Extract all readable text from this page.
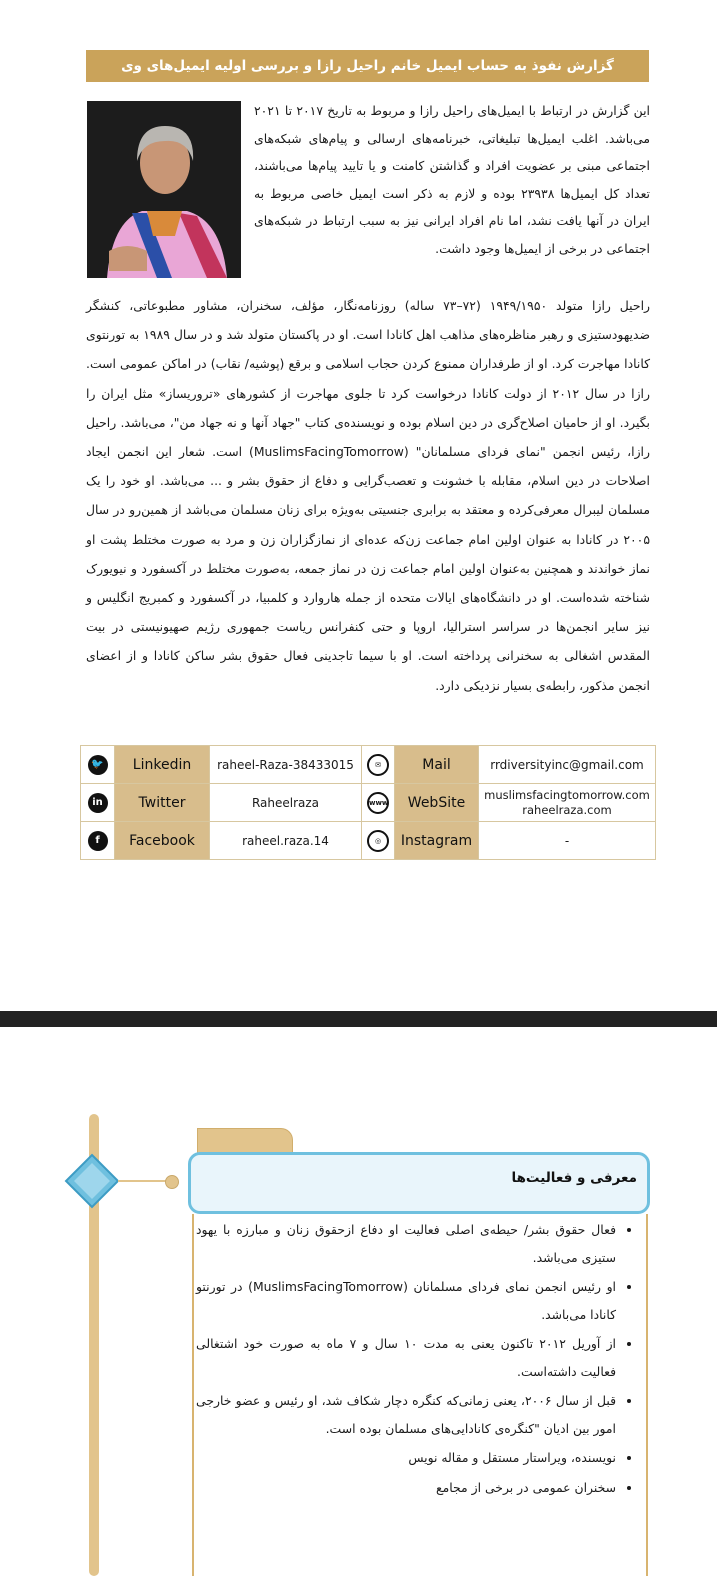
گزارش نفوذ به حساب ایمیل خانم راحیل رازا و بررسی اولیه ایمیل‌های وی

این گزارش در ارتباط با ایمیل‌های راحیل رازا و مربوط به تاریخ ۲۰۱۷ تا ۲۰۲۱ می‌باشد. اغلب ایمیل‌ها تبلیغاتی، خبرنامه‌های ارسالی و پیام‌های شبکه‌های اجتماعی مبنی بر عضویت افراد و گذاشتن کامنت و یا تایید پیام‌ها می‌باشند، تعداد کل ایمیل‌ها ۲۳۹۳۸ بوده و لازم به ذکر است ایمیل خاصی مربوط به ایران در آنها یافت نشد، اما نام افراد ایرانی نیز به سبب ارتباط در شبکه‌های اجتماعی در برخی از ایمیل‌ها وجود داشت.

راحیل رازا متولد ۱۹۴۹/۱۹۵۰ (۷۲–۷۳ ساله) روزنامه‌نگار، مؤلف، سخنران، مشاور مطبوعاتی، کنشگر ضدیهودستیزی و رهبر مناظره‌های مذاهب اهل کانادا است. او در پاکستان متولد شد و در سال ۱۹۸۹ به تورنتوی کانادا مهاجرت کرد. او از طرفداران ممنوع کردن حجاب اسلامی و برقع (پوشیه/ نقاب) در اماکن عمومی است. رازا در سال ۲۰۱۲ از دولت کانادا درخواست کرد تا جلوی مهاجرت از کشورهای «تروریساز» مثل ایران را بگیرد. او از حامیان اصلاح‌گری در دین اسلام بوده و نویسنده‌ی کتاب "جهاد آنها و نه جهاد من"، می‌باشد. راحیل رازا، رئیس انجمن "نمای فردای مسلمانان" (MuslimsFacingTomorrow) است. شعار این انجمن ایجاد اصلاحات در دین اسلام، مقابله با خشونت و تعصب‌گرایی و دفاع از حقوق بشر و ... می‌باشد. او خود را یک مسلمان لیبرال معرفی‌کرده و معتقد به برابری جنسیتی به‌ویژه برای زنان مسلمان می‌باشد از همین‌رو در سال ۲۰۰۵ در کانادا به عنوان اولین امام جماعت زن‌که عده‌ای از نمازگزاران زن و مرد به صورت مختلط پشت او نماز خواندند و همچنین به‌عنوان اولین امام جماعت زن در نماز جمعه، به‌صورت مختلط در آکسفورد و نیویورک شناخته شده‌است. او در دانشگاه‌های ایالات متحده از جمله هاروارد و کلمبیا، در آکسفورد و کمبریج انگلیس و نیز سایر انجمن‌ها در سراسر استرالیا، اروپا و حتی کنفرانس ریاست جمهوری رژیم صهیونیستی در بیت المقدس اشغالی به سخنرانی پرداخته است. او با سیما تاجدینی فعال حقوق بشر ساکن کانادا و از اعضای انجمن مذکور، رابطه‌ی بسیار نزدیکی دارد.

🐦	Linkedin	raheel-Raza-38433015	✉	Mail	rrdiversityinc@gmail.com
in	Twitter	Raheelraza	www	WebSite	muslimsfacingtomorrow.com
raheelraza.com

f	Facebook	raheel.raza.14	◎	Instagram	-
معرفی و فعالیت‌ها
• فعال حقوق بشر/ حیطه‌ی اصلی فعالیت او دفاع ازحقوق زنان و مبارزه با یهود ستیزی می‌باشد.
• او رئیس انجمن نمای فردای مسلمانان (MuslimsFacingTomorrow) در تورنتو کانادا می‌باشد.
• از آوریل ۲۰۱۲ تاکنون یعنی به مدت ۱۰ سال و ۷ ماه به صورت خود اشتغالی فعالیت داشته‌است.
• قبل از سال ۲۰۰۶، یعنی زمانی‌که کنگره دچار شکاف شد، او رئیس و عضو خارجی امور بین ادیان "کنگره‌ی کانادایی‌های مسلمان بوده است.
• نویسنده، ویراستار مستقل و مقاله نویس
• سخنران عمومی در برخی از مجامع
